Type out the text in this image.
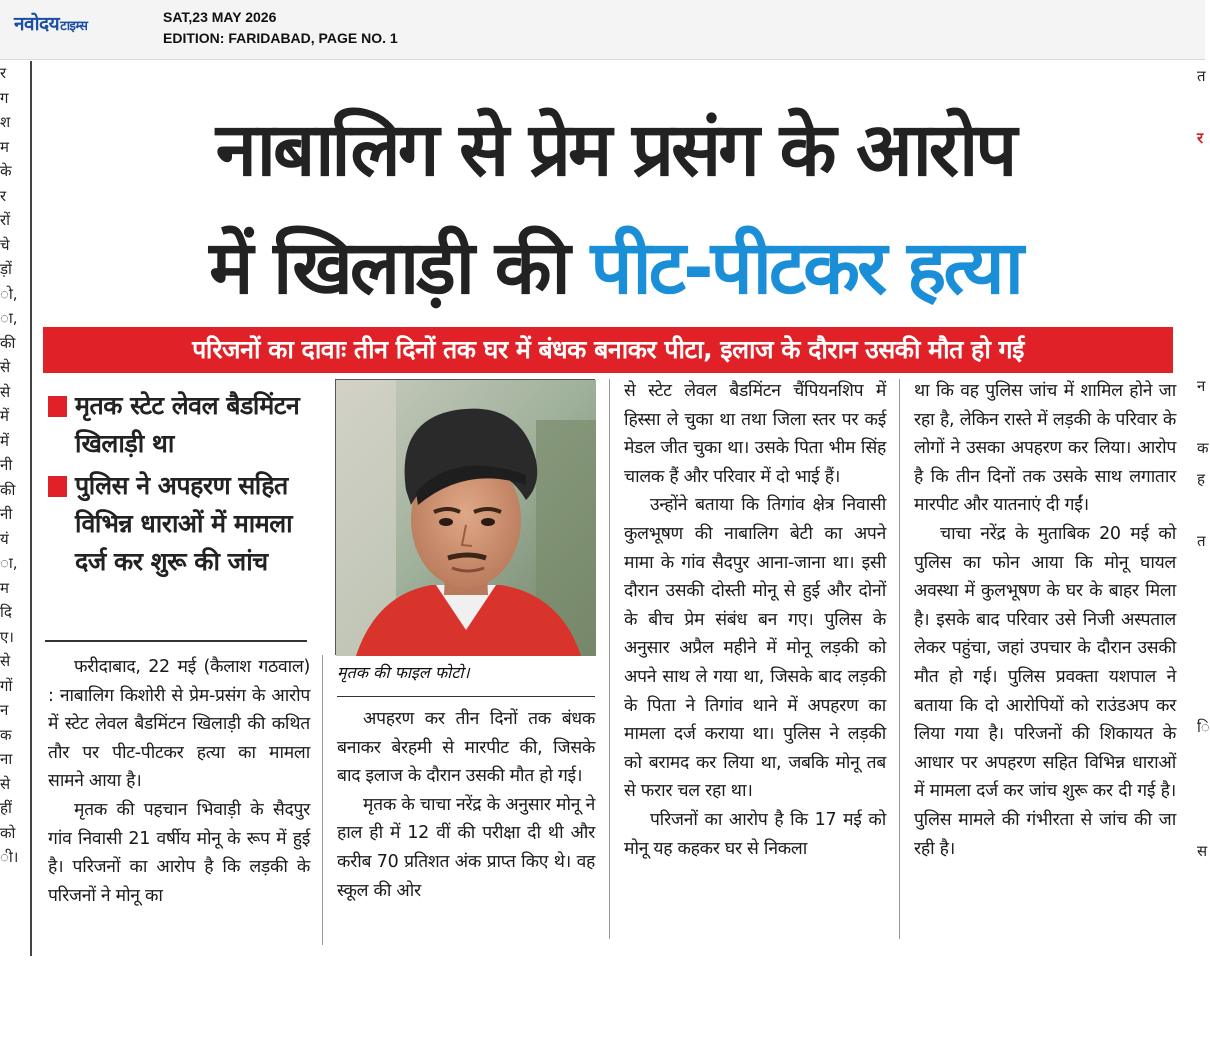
नवोदयटाइम्स
SAT,23 MAY 2026
EDITION: FARIDABAD, PAGE NO. 1
र
ग
श
म
के
र
रों
चे
ड़ों
ो,
ा,
की
से
से
में
में
नी
की
नी
यं
ा,
म
दि
ए।
से
गों
न
क
ना
से
हीं
को
ी।
त

र

न

क
ह

त

ि

स

नाबालिग से प्रेम प्रसंग के आरोप
में खिलाड़ी की पीट-पीटकर हत्या
परिजनों का दावाः तीन दिनों तक घर में बंधक बनाकर पीटा, इलाज के दौरान उसकी मौत हो गई
मृतक स्टेट लेवल बैडमिंटन खिलाड़ी था
पुलिस ने अपहरण सहित विभिन्न धाराओं में मामला दर्ज कर शुरू की जांच
मृतक की फाइल फोटो।

फरीदाबाद, 22 मई (कैलाश गठवाल) : नाबालिग किशोरी से प्रेम-प्रसंग के आरोप में स्टेट लेवल बैडमिंटन खिलाड़ी की कथित तौर पर पीट-पीटकर हत्या का मामला सामने आया है।

मृतक की पहचान भिवाड़ी के सैदपुर गांव निवासी 21 वर्षीय मोनू के रूप में हुई है। परिजनों का आरोप है कि लड़की के परिजनों ने मोनू का

अपहरण कर तीन दिनों तक बंधक बनाकर बेरहमी से मारपीट की, जिसके बाद इलाज के दौरान उसकी मौत हो गई।

मृतक के चाचा नरेंद्र के अनुसार मोनू ने हाल ही में 12 वीं की परीक्षा दी थी और करीब 70 प्रतिशत अंक प्राप्त किए थे। वह स्कूल की ओर

से स्टेट लेवल बैडमिंटन चैंपियनशिप में हिस्सा ले चुका था तथा जिला स्तर पर कई मेडल जीत चुका था। उसके पिता भीम सिंह चालक हैं और परिवार में दो भाई हैं।

उन्होंने बताया कि तिगांव क्षेत्र निवासी कुलभूषण की नाबालिग बेटी का अपने मामा के गांव सैदपुर आना-जाना था। इसी दौरान उसकी दोस्ती मोनू से हुई और दोनों के बीच प्रेम संबंध बन गए। पुलिस के अनुसार अप्रैल महीने में मोनू लड़की को अपने साथ ले गया था, जिसके बाद लड़की के पिता ने तिगांव थाने में अपहरण का मामला दर्ज कराया था। पुलिस ने लड़की को बरामद कर लिया था, जबकि मोनू तब से फरार चल रहा था।

परिजनों का आरोप है कि 17 मई को मोनू यह कहकर घर से निकला

था कि वह पुलिस जांच में शामिल होने जा रहा है, लेकिन रास्ते में लड़की के परिवार के लोगों ने उसका अपहरण कर लिया। आरोप है कि तीन दिनों तक उसके साथ लगातार मारपीट और यातनाएं दी गईं।

चाचा नरेंद्र के मुताबिक 20 मई को पुलिस का फोन आया कि मोनू घायल अवस्था में कुलभूषण के घर के बाहर मिला है। इसके बाद परिवार उसे निजी अस्पताल लेकर पहुंचा, जहां उपचार के दौरान उसकी मौत हो गई। पुलिस प्रवक्ता यशपाल ने बताया कि दो आरोपियों को राउंडअप कर लिया गया है। परिजनों की शिकायत के आधार पर अपहरण सहित विभिन्न धाराओं में मामला दर्ज कर जांच शुरू कर दी गई है। पुलिस मामले की गंभीरता से जांच की जा रही है।
